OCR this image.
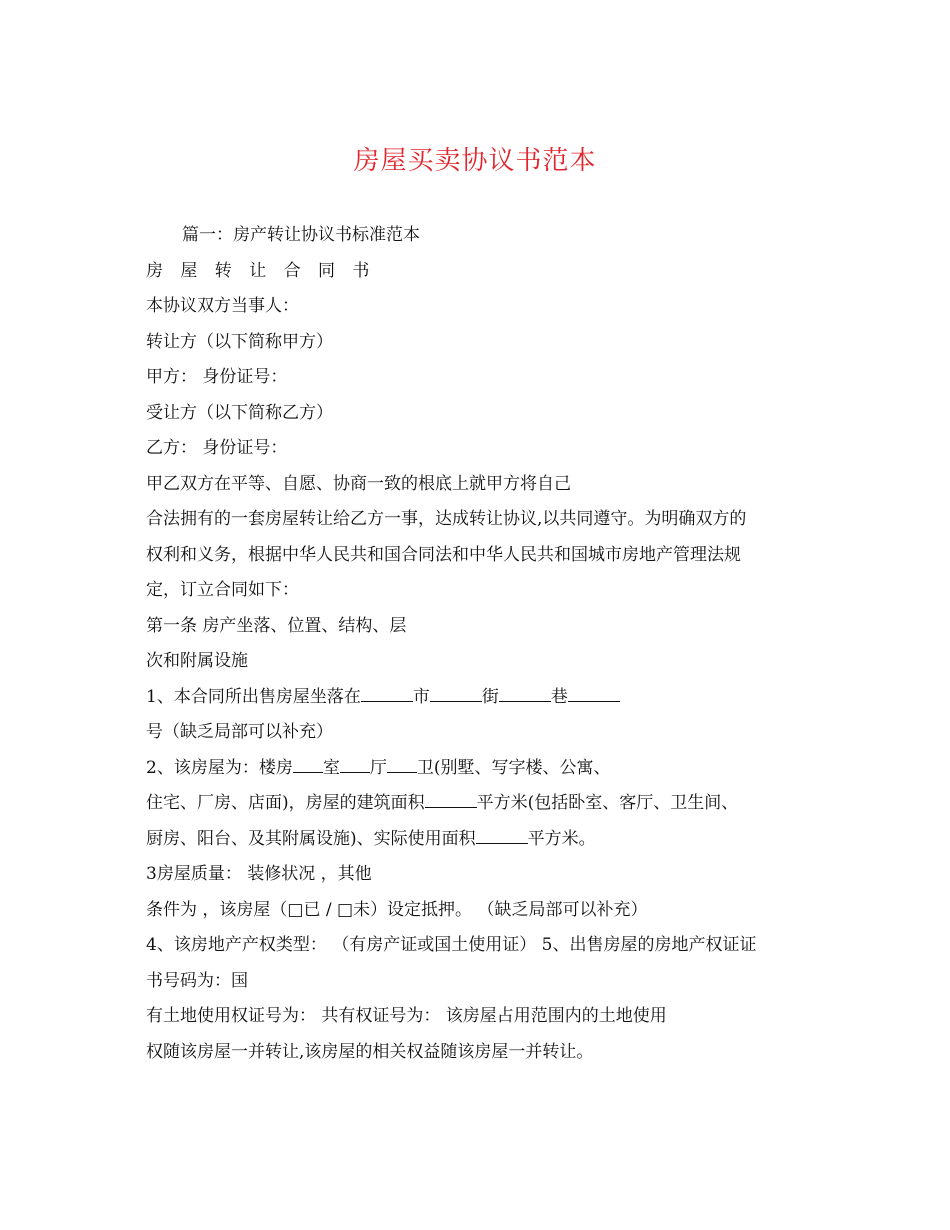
房屋买卖协议书范本
篇一：房产转让协议书标准范本
房 屋 转 让 合 同 书
本协议双方当事人：
转让方（以下简称甲方）
甲方： 身份证号：
受让方（以下简称乙方）
乙方： 身份证号：
甲乙双方在平等、自愿、协商一致的根底上就甲方将自己
合法拥有的一套房屋转让给乙方一事，达成转让协议,以共同遵守。为明确双方的
权利和义务，根据中华人民共和国合同法和中华人民共和国城市房地产管理法规
定，订立合同如下：
第一条 房产坐落、位置、结构、层
次和附属设施
1、本合同所出售房屋坐落在	市	街	巷
号（缺乏局部可以补充）
2、该房屋为：楼房 室 厅 卫(别墅、写字楼、公寓、
住宅、厂房、店面)，房屋的建筑面积	平方米(包括卧室、客厅、卫生间、
厨房、阳台、及其附属设施)、实际使用面积	平方米。
3房屋质量： 装修状况 ，其他
条件为 ，该房屋（□已 / □未）设定抵押。 （缺乏局部可以补充）
4、该房地产产权类型： （有房产证或国土使用证） 5、出售房屋的房地产权证证
书号码为：国
有土地使用权证号为： 共有权证号为： 该房屋占用范围内的土地使用
权随该房屋一并转让,该房屋的相关权益随该房屋一并转让。
